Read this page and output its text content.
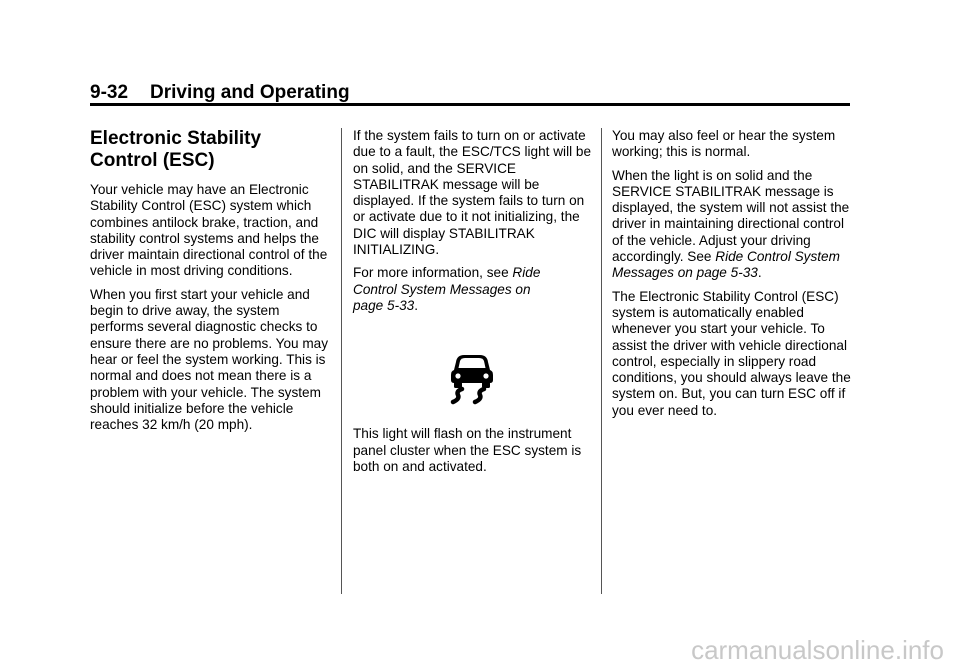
9-32 Driving and Operating
Electronic Stability
Control (ESC)

Your vehicle may have an Electronic Stability Control (ESC) system which combines antilock brake, traction, and stability control systems and helps the driver maintain directional control of the vehicle in most driving conditions.

When you first start your vehicle and begin to drive away, the system performs several diagnostic checks to ensure there are no problems. You may hear or feel the system working. This is normal and does not mean there is a problem with your vehicle. The system should initialize before the vehicle reaches 32 km/h (20 mph).

If the system fails to turn on or activate due to a fault, the ESC/TCS light will be on solid, and the SERVICE STABILITRAK message will be displayed. If the system fails to turn on or activate due to it not initializing, the DIC will display STABILITRAK INITIALIZING.

For more information, see Ride
Control System Messages on
page 5-33.

This light will flash on the instrument panel cluster when the ESC system is both on and activated.

You may also feel or hear the system working; this is normal.

When the light is on solid and the SERVICE STABILITRAK message is displayed, the system will not assist the driver in maintaining directional control of the vehicle. Adjust your driving accordingly. See Ride Control System Messages on page 5-33.

The Electronic Stability Control (ESC) system is automatically enabled whenever you start your vehicle. To assist the driver with vehicle directional control, especially in slippery road conditions, you should always leave the system on. But, you can turn ESC off if you ever need to.

carmanualsonline.info
